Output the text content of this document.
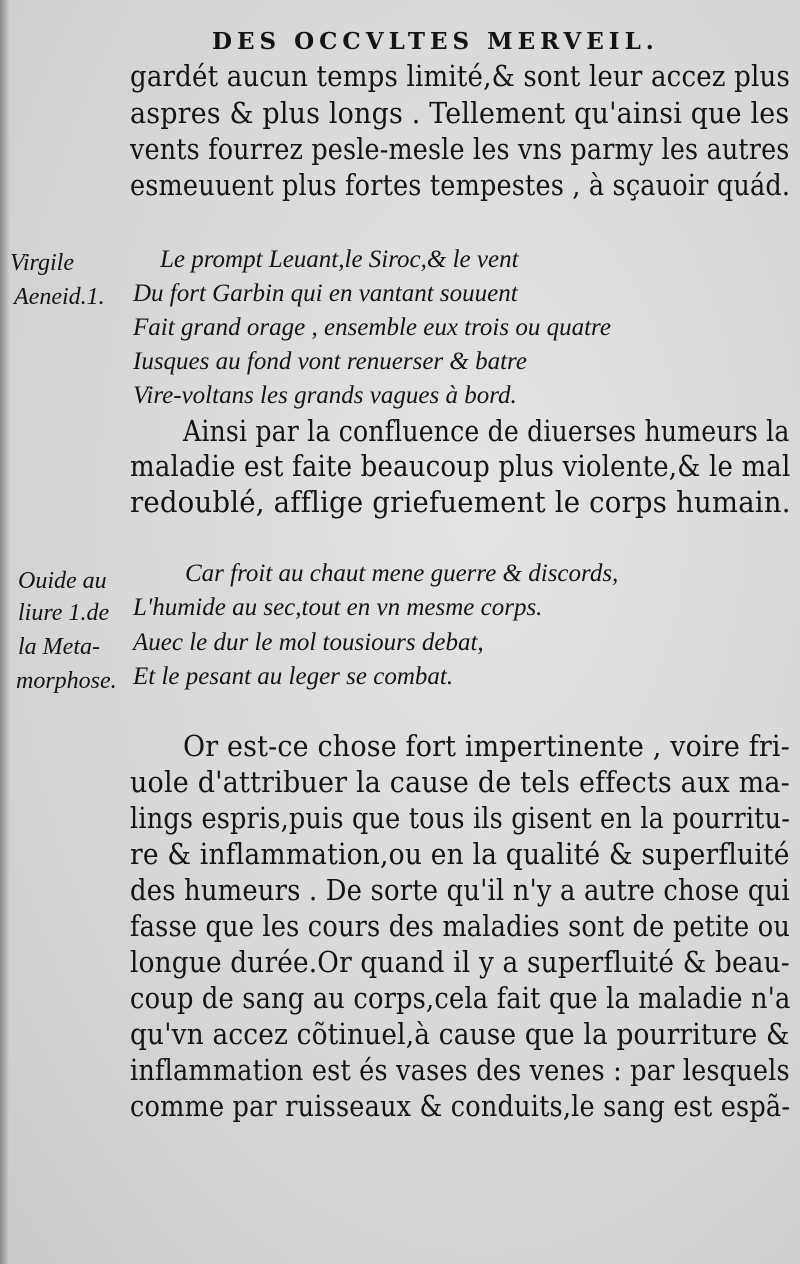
DES OCCVLTES MERVEIL.
gardét aucun temps limité,& sont leur accez plus
aspres & plus longs . Tellement qu'ainsi que les
vents fourrez pesle-mesle les vns parmy les autres
esmeuuent plus fortes tempestes , à sçauoir quád.
Virgile
Aeneid.1.
Le prompt Leuant,le Siroc,& le vent
Du fort Garbin qui en vantant souuent
Fait grand orage , ensemble eux trois ou quatre
Iusques au fond vont renuerser & batre
Vire-voltans les grands vagues à bord.
Ainsi par la confluence de diuerses humeurs la
maladie est faite beaucoup plus violente,& le mal
redoublé, afflige griefuement le corps humain.
Ouide au
liure 1.de
la Meta-
morphose.
Car froit au chaut mene guerre & discords,
L'humide au sec,tout en vn mesme corps.
Auec le dur le mol tousiours debat,
Et le pesant au leger se combat.
Or est-ce chose fort impertinente , voire fri-
uole d'attribuer la cause de tels effects aux ma-
lings espris,puis que tous ils gisent en la pourritu-
re & inflammation,ou en la qualité & superfluité
des humeurs . De sorte qu'il n'y a autre chose qui
fasse que les cours des maladies sont de petite ou
longue durée.Or quand il y a superfluité & beau-
coup de sang au corps,cela fait que la maladie n'a
qu'vn accez cõtinuel,à cause que la pourriture &
inflammation est és vases des venes : par lesquels
comme par ruisseaux & conduits,le sang est espã-
